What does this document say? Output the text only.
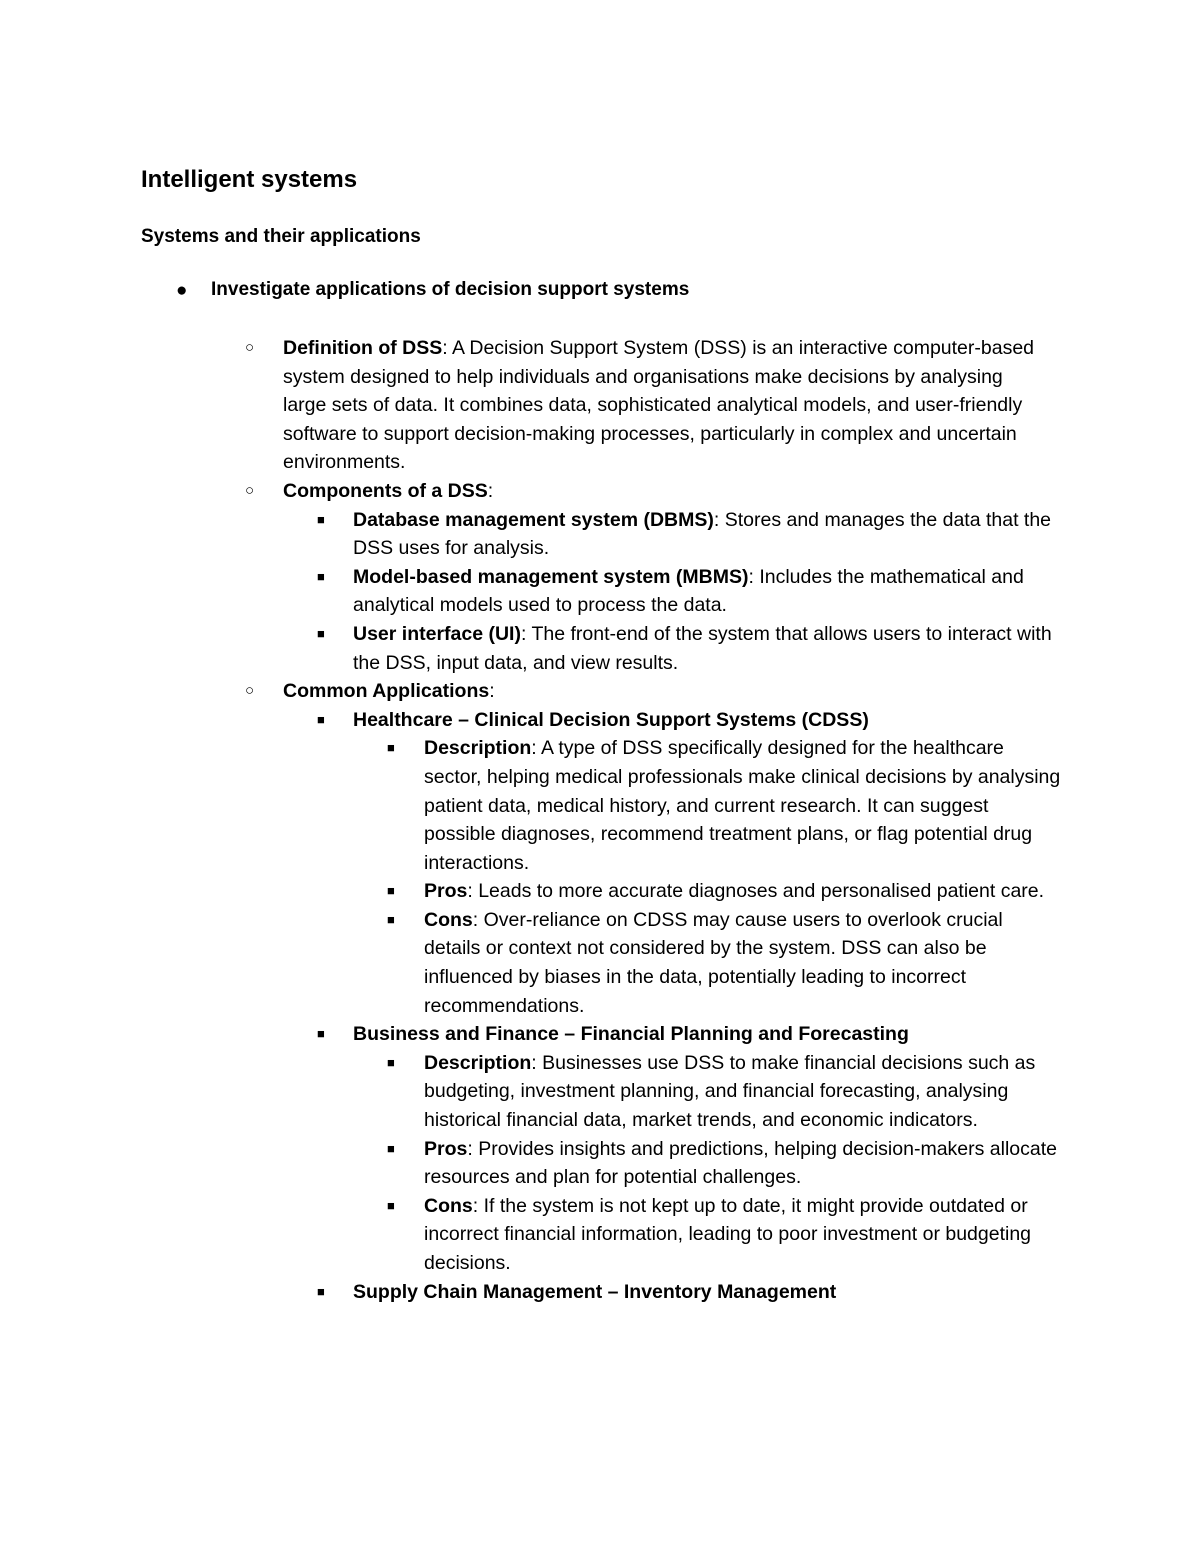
Intelligent systems
Systems and their applications
● Investigate applications of decision support systems
○ Definition of DSS: A Decision Support System (DSS) is an interactive computer-based system designed to help individuals and organisations make decisions by analysing large sets of data. It combines data, sophisticated analytical models, and user-friendly software to support decision-making processes, particularly in complex and uncertain environments.
○ Components of a DSS:
■ Database management system (DBMS): Stores and manages the data that the DSS uses for analysis.
■ Model-based management system (MBMS): Includes the mathematical and analytical models used to process the data.
■ User interface (UI): The front-end of the system that allows users to interact with the DSS, input data, and view results.
○ Common Applications:
■ Healthcare – Clinical Decision Support Systems (CDSS)
■ Description: A type of DSS specifically designed for the healthcare sector, helping medical professionals make clinical decisions by analysing patient data, medical history, and current research. It can suggest possible diagnoses, recommend treatment plans, or flag potential drug interactions.
■ Pros: Leads to more accurate diagnoses and personalised patient care.
■ Cons: Over-reliance on CDSS may cause users to overlook crucial details or context not considered by the system. DSS can also be influenced by biases in the data, potentially leading to incorrect recommendations.
■ Business and Finance – Financial Planning and Forecasting
■ Description: Businesses use DSS to make financial decisions such as budgeting, investment planning, and financial forecasting, analysing historical financial data, market trends, and economic indicators.
■ Pros: Provides insights and predictions, helping decision-makers allocate resources and plan for potential challenges.
■ Cons: If the system is not kept up to date, it might provide outdated or incorrect financial information, leading to poor investment or budgeting decisions.
■ Supply Chain Management – Inventory Management
